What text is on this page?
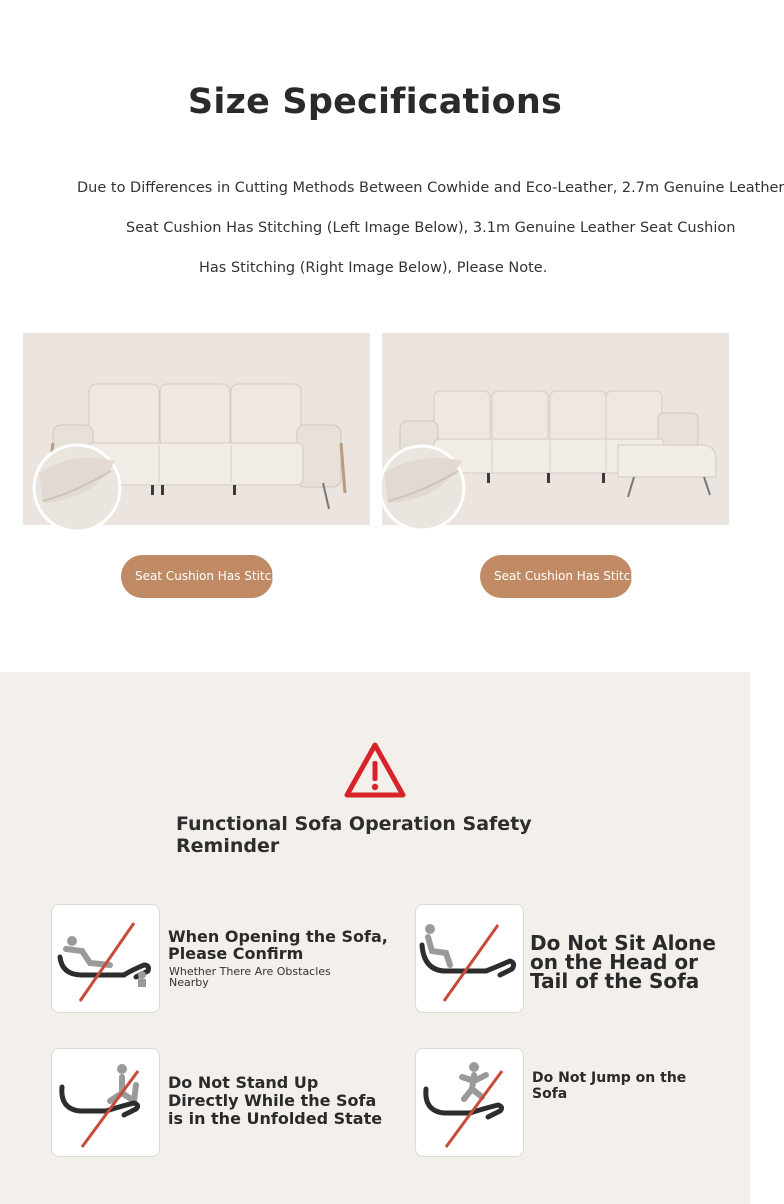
Size Specifications

Due to Differences in Cutting Methods Between Cowhide and Eco-Leather, 2.7m Genuine Leather

Seat Cushion Has Stitching (Left Image Below), 3.1m Genuine Leather Seat Cushion

Has Stitching (Right Image Below), Please Note.

Seat Cushion Has Stitching	Seat Cushion Has Stitching
Functional Sofa Operation Safety Reminder
When Opening the Sofa, Please Confirm

Whether There Are Obstacles Nearby

Do Not Sit Alone on the Head or Tail of the Sofa
Do Not Stand Up Directly While the Sofa is in the Unfolded State
Do Not Jump on the Sofa
